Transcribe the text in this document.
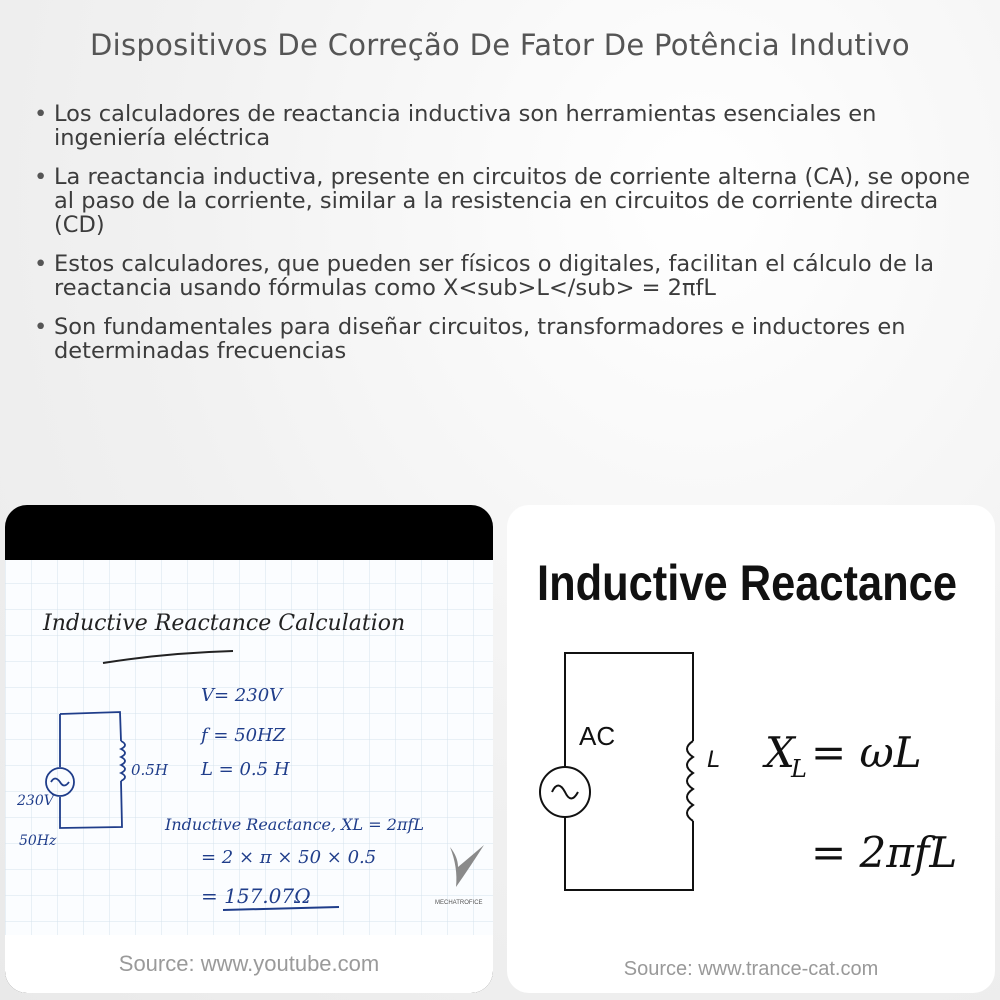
Dispositivos De Correção De Fator De Potência Indutivo
• Los calculadores de reactancia inductiva son herramientas esenciales en ingeniería eléctrica
• La reactancia inductiva, presente en circuitos de corriente alterna (CA), se opone al paso de la corriente, similar a la resistencia en circuitos de corriente directa (CD)
• Estos calculadores, que pueden ser físicos o digitales, facilitan el cálculo de la reactancia usando fórmulas como X<sub>L</sub> = 2πfL
• Son fundamentales para diseñar circuitos, transformadores e inductores en determinadas frecuencias
Inductive Reactance Calculation
0.5H
230V
50Hz
V= 230V
f = 50HZ
L = 0.5 H
Inductive Reactance, XL = 2πfL
= 2 × π × 50 × 0.5
= 157.07Ω	MECHATROFICE
Source: www.youtube.com
Inductive Reactance
AC
L X
L = ωL
= 2πfL
Source: www.trance-cat.com
